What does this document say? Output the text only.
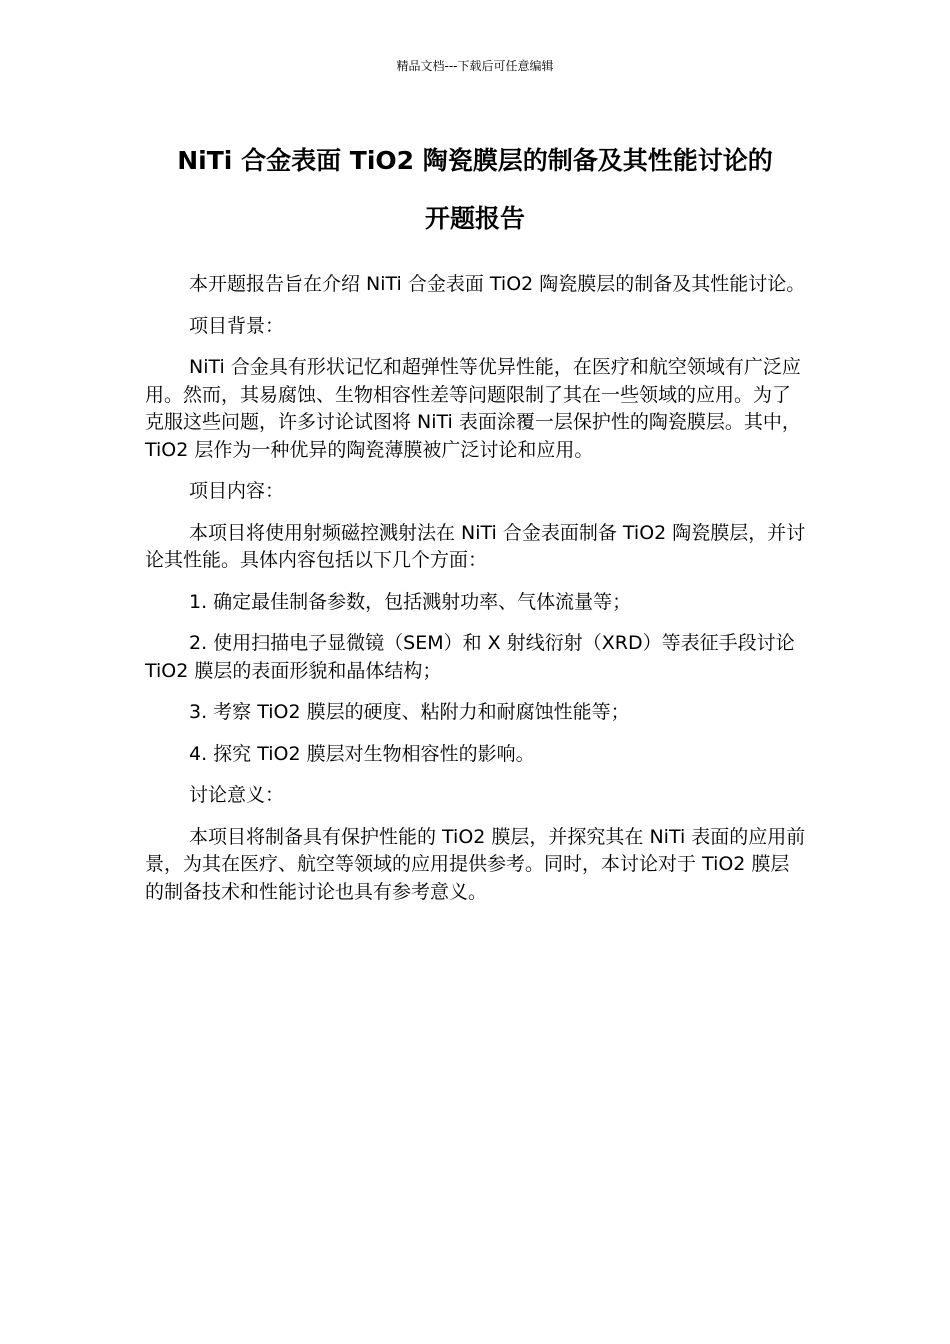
精品文档---下载后可任意编辑
NiTi 合金表面 TiO2 陶瓷膜层的制备及其性能讨论的
开题报告

本开题报告旨在介绍 NiTi 合金表面 TiO2 陶瓷膜层的制备及其性能讨论。

项目背景：

NiTi 合金具有形状记忆和超弹性等优异性能，在医疗和航空领域有广泛应用。然而，其易腐蚀、生物相容性差等问题限制了其在一些领域的应用。为了克服这些问题，许多讨论试图将 NiTi 表面涂覆一层保护性的陶瓷膜层。其中，TiO2 层作为一种优异的陶瓷薄膜被广泛讨论和应用。

项目内容：

本项目将使用射频磁控溅射法在 NiTi 合金表面制备 TiO2 陶瓷膜层，并讨论其性能。具体内容包括以下几个方面：

1. 确定最佳制备参数，包括溅射功率、气体流量等；

2. 使用扫描电子显微镜（SEM）和 X 射线衍射（XRD）等表征手段讨论 TiO2 膜层的表面形貌和晶体结构；

3. 考察 TiO2 膜层的硬度、粘附力和耐腐蚀性能等；

4. 探究 TiO2 膜层对生物相容性的影响。

讨论意义：

本项目将制备具有保护性能的 TiO2 膜层，并探究其在 NiTi 表面的应用前景，为其在医疗、航空等领域的应用提供参考。同时，本讨论对于 TiO2 膜层的制备技术和性能讨论也具有参考意义。
